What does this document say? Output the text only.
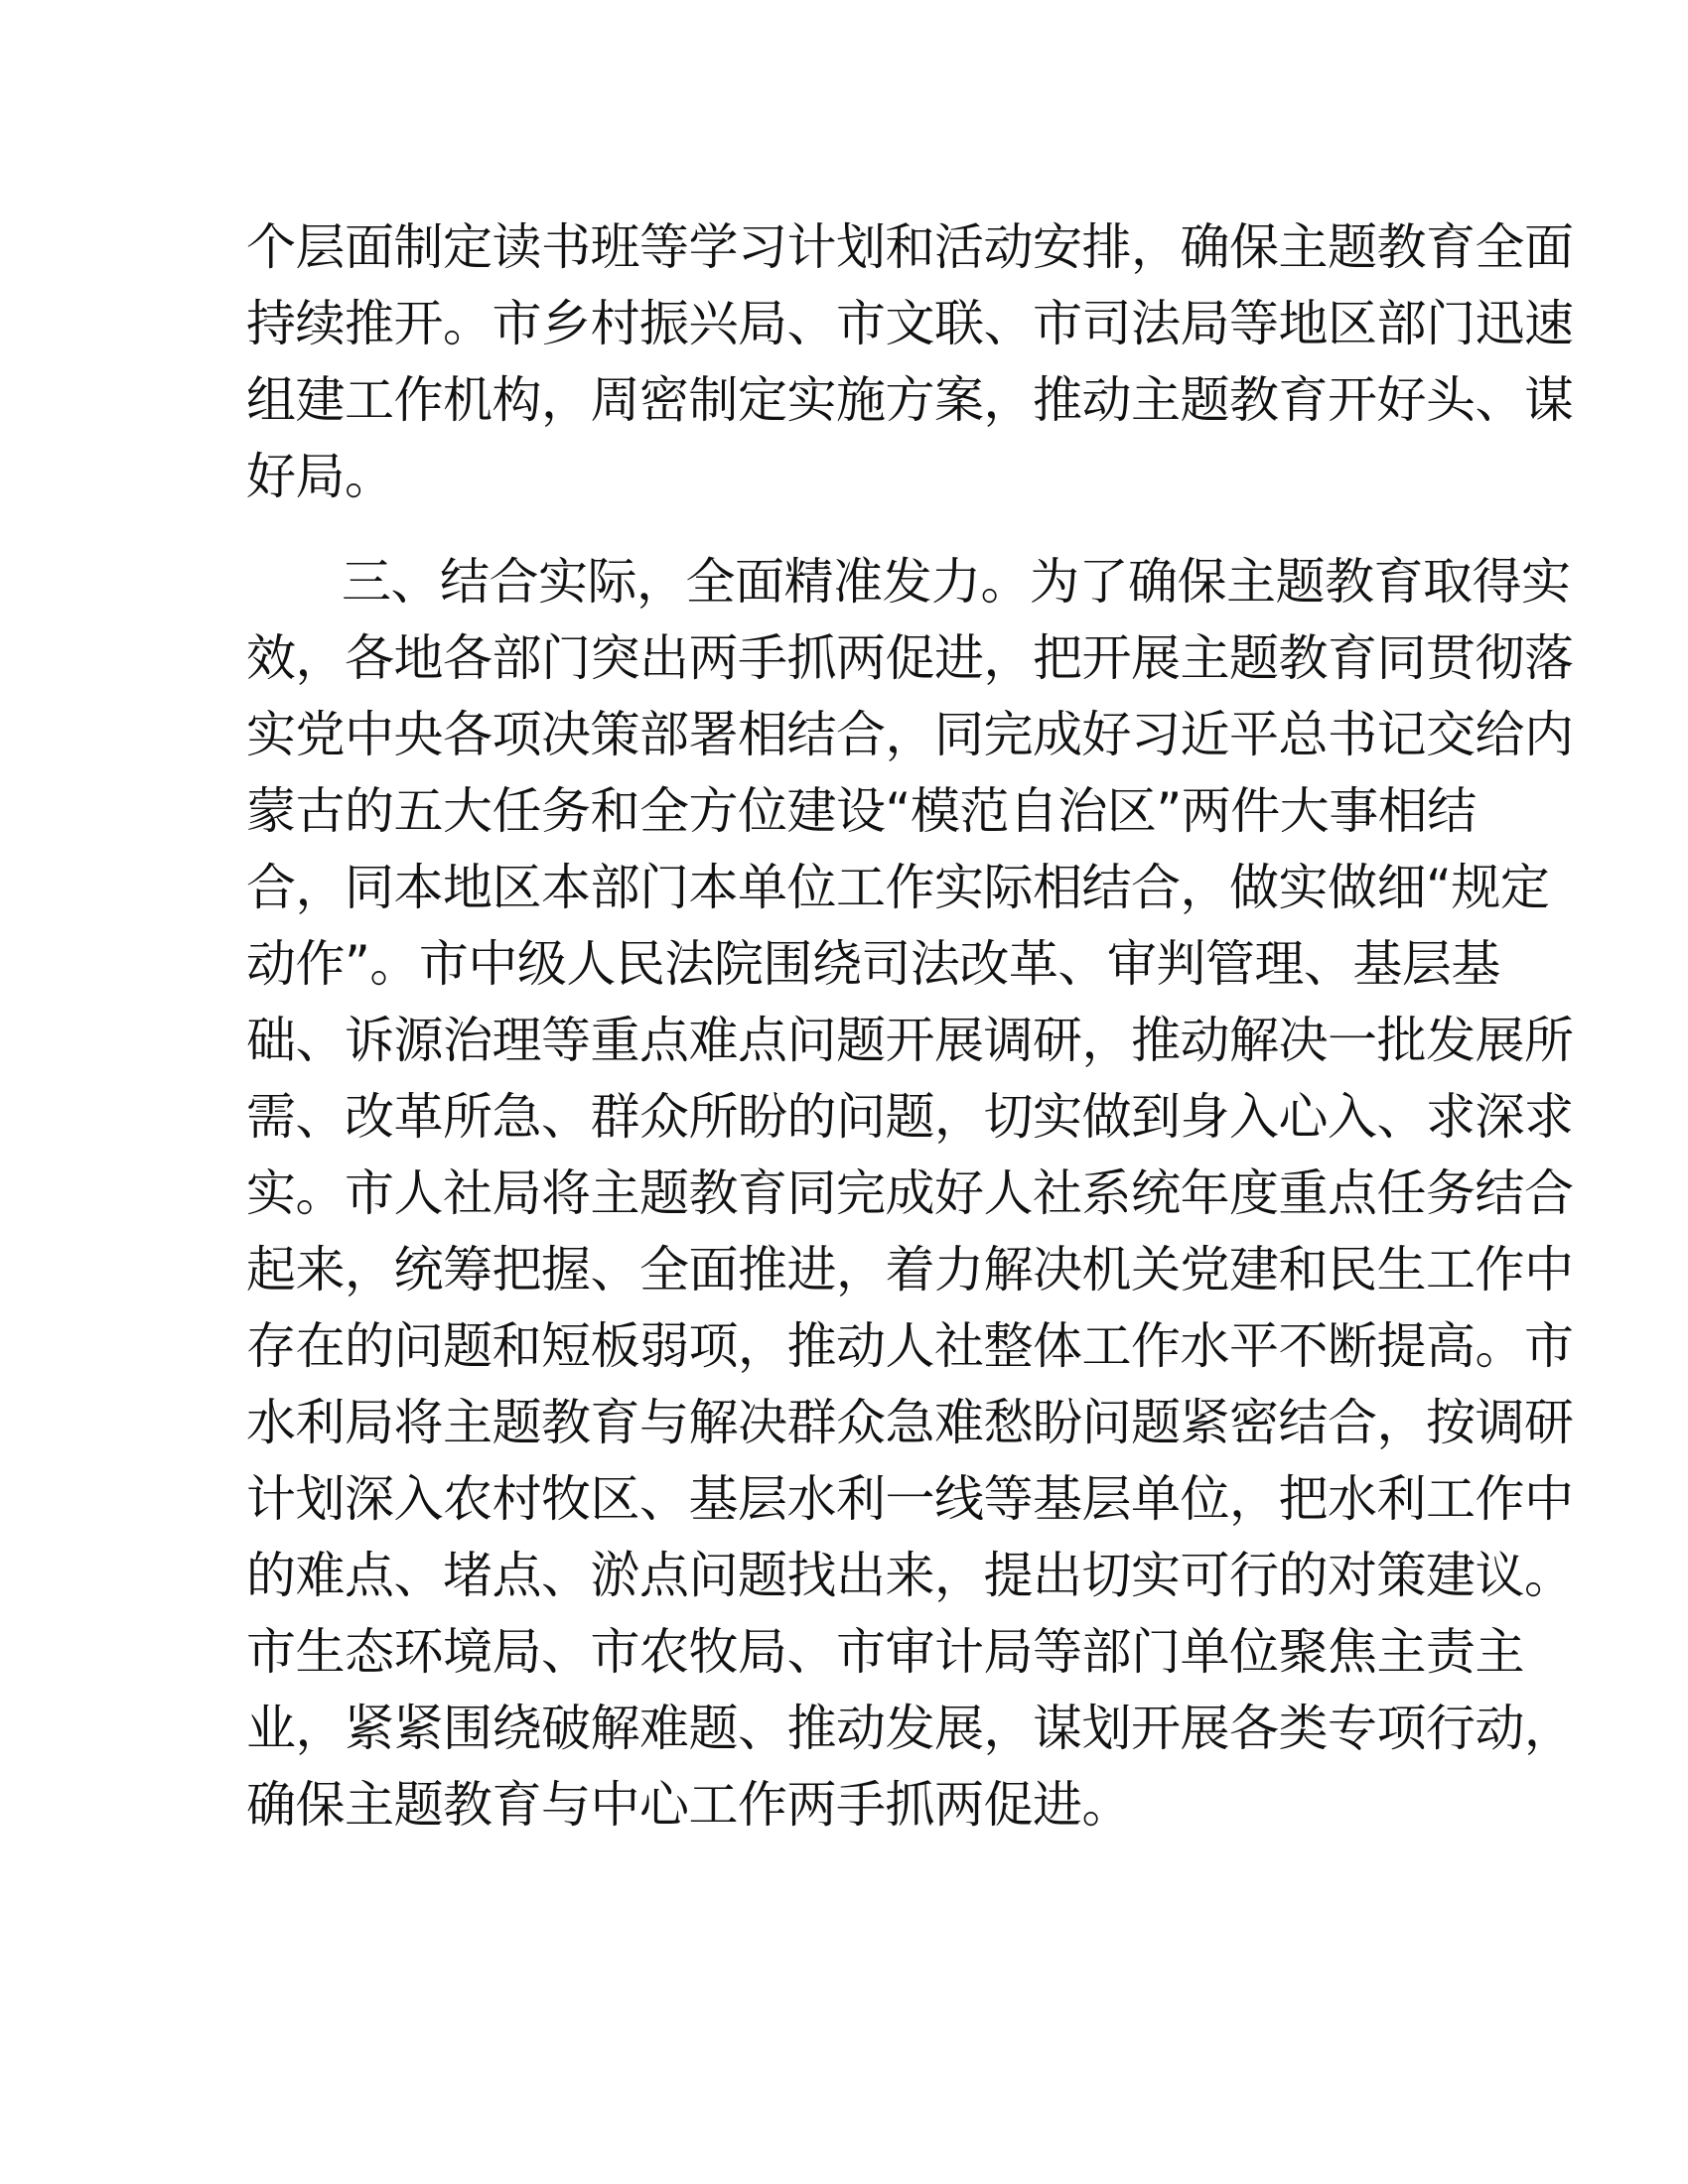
个层面制定读书班等学习计划和活动安排，确保主题教育全面
持续推开。市乡村振兴局、市文联、市司法局等地区部门迅速
组建工作机构，周密制定实施方案，推动主题教育开好头、谋
好局。
三、结合实际，全面精准发力。为了确保主题教育取得实
效，各地各部门突出两手抓两促进，把开展主题教育同贯彻落
实党中央各项决策部署相结合，同完成好习近平总书记交给内
蒙古的五大任务和全方位建设“模范自治区”两件大事相结
合，同本地区本部门本单位工作实际相结合，做实做细“规定
动作”。市中级人民法院围绕司法改革、审判管理、基层基
础、诉源治理等重点难点问题开展调研，推动解决一批发展所
需、改革所急、群众所盼的问题，切实做到身入心入、求深求
实。市人社局将主题教育同完成好人社系统年度重点任务结合
起来，统筹把握、全面推进，着力解决机关党建和民生工作中
存在的问题和短板弱项，推动人社整体工作水平不断提高。市
水利局将主题教育与解决群众急难愁盼问题紧密结合，按调研
计划深入农村牧区、基层水利一线等基层单位，把水利工作中
的难点、堵点、淤点问题找出来，提出切实可行的对策建议。
市生态环境局、市农牧局、市审计局等部门单位聚焦主责主
业，紧紧围绕破解难题、推动发展，谋划开展各类专项行动，
确保主题教育与中心工作两手抓两促进。
